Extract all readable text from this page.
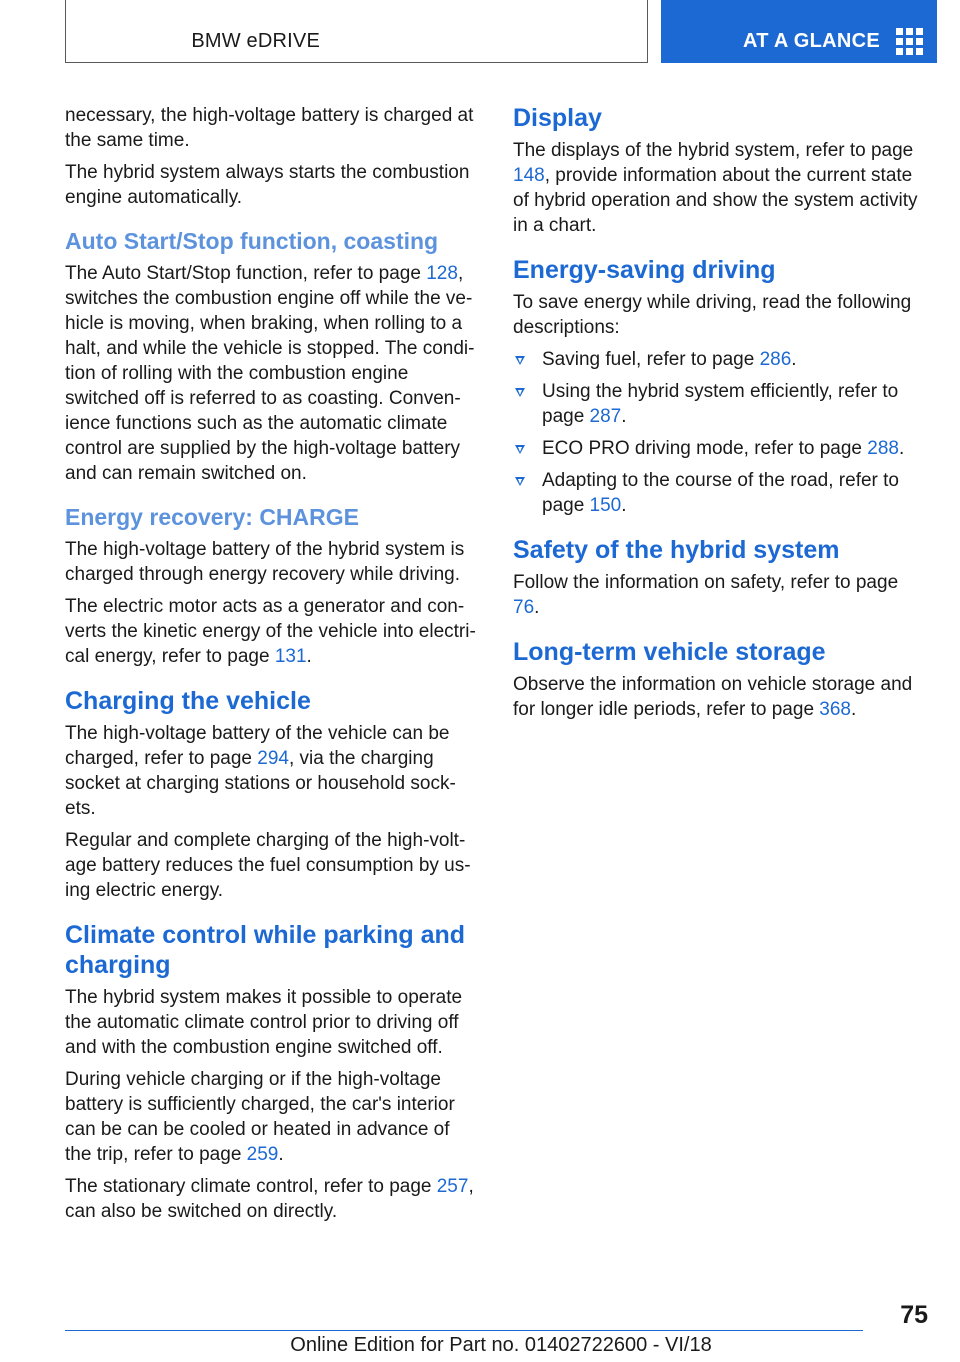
BMW eDRIVE	AT A GLANCE

necessary, the high-voltage battery is charged at the same time.

The hybrid system always starts the combustion engine automatically.

Auto Start/Stop function, coasting

The Auto Start/Stop function, refer to page 128, switches the combustion engine off while the ve‐hicle is moving, when braking, when rolling to a halt, and while the vehicle is stopped. The condi‐tion of rolling with the combustion engine switched off is referred to as coasting. Conven‐ience functions such as the automatic climate control are supplied by the high-voltage battery and can remain switched on.

Energy recovery: CHARGE

The high-voltage battery of the hybrid system is charged through energy recovery while driving.

The electric motor acts as a generator and con‐verts the kinetic energy of the vehicle into electri‐cal energy, refer to page 131.

Charging the vehicle

The high-voltage battery of the vehicle can be charged, refer to page 294, via the charging socket at charging stations or household sock‐ets.

Regular and complete charging of the high-volt‐age battery reduces the fuel consumption by us‐ing electric energy.

Climate control while parking and charging

The hybrid system makes it possible to operate the automatic climate control prior to driving off and with the combustion engine switched off.

During vehicle charging or if the high-voltage battery is sufficiently charged, the car's interior can be can be cooled or heated in advance of the trip, refer to page 259.

The stationary climate control, refer to page 257, can also be switched on directly.

Display

The displays of the hybrid system, refer to page 148, provide information about the current state of hybrid operation and show the system activity in a chart.

Energy-saving driving

To save energy while driving, read the following descriptions:

Saving fuel, refer to page 286.
Using the hybrid system efficiently, refer to page 287.
ECO PRO driving mode, refer to page 288.
Adapting to the course of the road, refer to page 150.
Safety of the hybrid system

Follow the information on safety, refer to page 76.

Long-term vehicle storage

Observe the information on vehicle storage and for longer idle periods, refer to page 368.

75
Online Edition for Part no. 01402722600 - VI/18
